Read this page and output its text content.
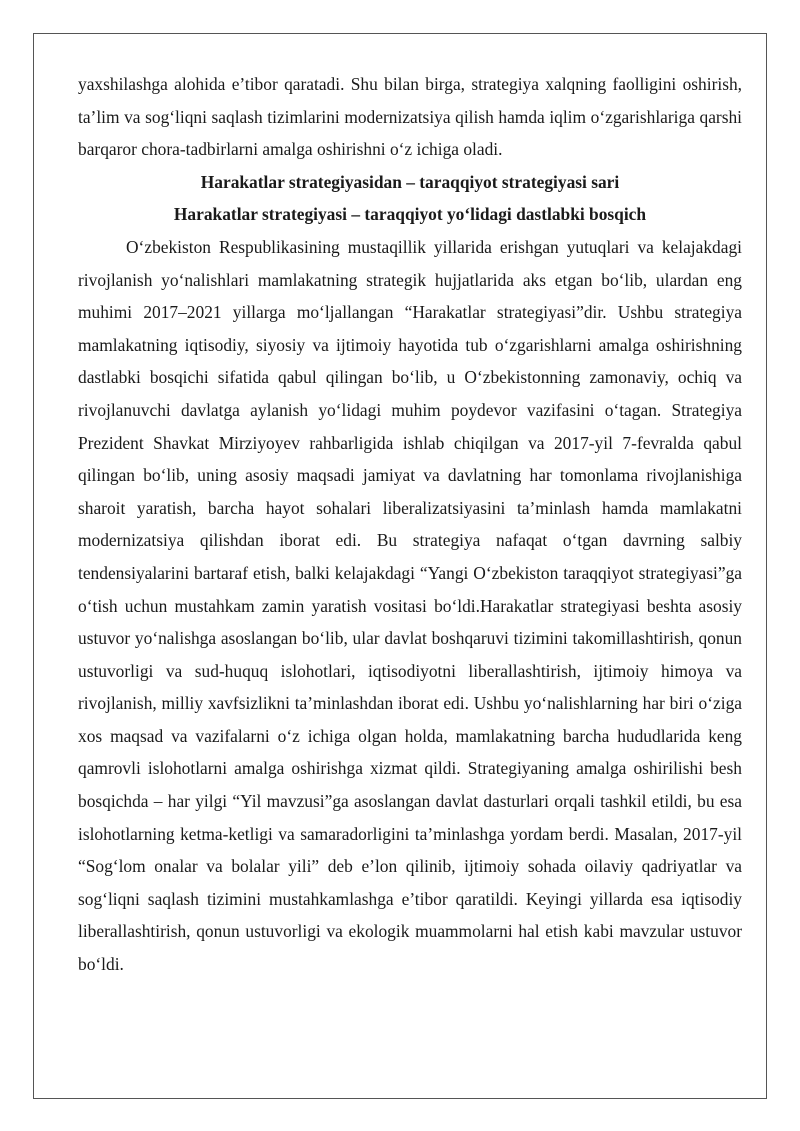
yaxshilashga alohida e’tibor qaratadi. Shu bilan birga, strategiya xalqning faolligini oshirish, ta’lim va sog‘liqni saqlash tizimlarini modernizatsiya qilish hamda iqlim o‘zgarishlariga qarshi barqaror chora-tadbirlarni amalga oshirishni o‘z ichiga oladi.

Harakatlar strategiyasidan – taraqqiyot strategiyasi sari

Harakatlar strategiyasi – taraqqiyot yo‘lidagi dastlabki bosqich

O‘zbekiston Respublikasining mustaqillik yillarida erishgan yutuqlari va kelajakdagi rivojlanish yo‘nalishlari mamlakatning strategik hujjatlarida aks etgan bo‘lib, ulardan eng muhimi 2017–2021 yillarga mo‘ljallangan “Harakatlar strategiyasi”dir. Ushbu strategiya mamlakatning iqtisodiy, siyosiy va ijtimoiy hayotida tub o‘zgarishlarni amalga oshirishning dastlabki bosqichi sifatida qabul qilingan bo‘lib, u O‘zbekistonning zamonaviy, ochiq va rivojlanuvchi davlatga aylanish yo‘lidagi muhim poydevor vazifasini o‘tagan. Strategiya Prezident Shavkat Mirziyoyev rahbarligida ishlab chiqilgan va 2017-yil 7-fevralda qabul qilingan bo‘lib, uning asosiy maqsadi jamiyat va davlatning har tomonlama rivojlanishiga sharoit yaratish, barcha hayot sohalari liberalizatsiyasini ta’minlash hamda mamlakatni modernizatsiya qilishdan iborat edi. Bu strategiya nafaqat o‘tgan davrning salbiy tendensiyalarini bartaraf etish, balki kelajakdagi “Yangi O‘zbekiston taraqqiyot strategiyasi”ga o‘tish uchun mustahkam zamin yaratish vositasi bo‘ldi.Harakatlar strategiyasi beshta asosiy ustuvor yo‘nalishga asoslangan bo‘lib, ular davlat boshqaruvi tizimini takomillashtirish, qonun ustuvorligi va sud-huquq islohotlari, iqtisodiyotni liberallashtirish, ijtimoiy himoya va rivojlanish, milliy xavfsizlikni ta’minlashdan iborat edi. Ushbu yo‘nalishlarning har biri o‘ziga xos maqsad va vazifalarni o‘z ichiga olgan holda, mamlakatning barcha hududlarida keng qamrovli islohotlarni amalga oshirishga xizmat qildi. Strategiyaning amalga oshirilishi besh bosqichda – har yilgi “Yil mavzusi”ga asoslangan davlat dasturlari orqali tashkil etildi, bu esa islohotlarning ketma-ketligi va samaradorligini ta’minlashga yordam berdi. Masalan, 2017-yil “Sog‘lom onalar va bolalar yili” deb e’lon qilinib, ijtimoiy sohada oilaviy qadriyatlar va sog‘liqni saqlash tizimini mustahkamlashga e’tibor qaratildi. Keyingi yillarda esa iqtisodiy liberallashtirish, qonun ustuvorligi va ekologik muammolarni hal etish kabi mavzular ustuvor bo‘ldi.
